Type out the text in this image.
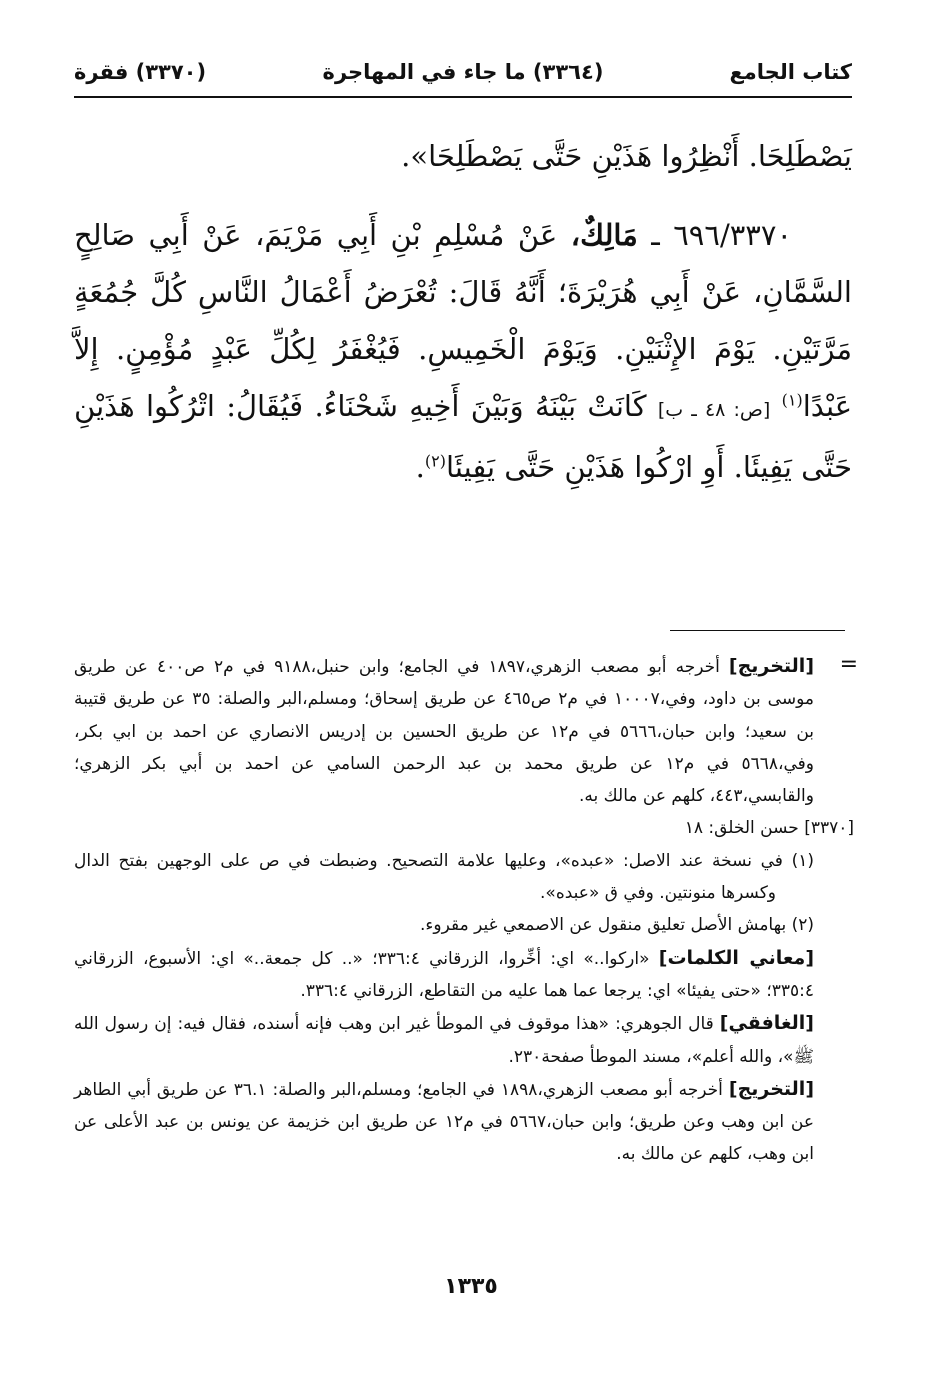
كتاب الجامع
(٣٣٦٤) ما جاء في المهاجرة
(٣٣٧٠) فقرة

يَصْطَلِحَا. أَنْظِرُوا هَذَيْنِ حَتَّى يَصْطَلِحَا».

٦٩٦/٣٣٧٠ ـ مَالِكٌ، عَنْ مُسْلِمِ بْنِ أَبِي مَرْيَمَ، عَنْ أَبِي صَالِحٍ السَّمَّانِ، عَنْ أَبِي هُرَيْرَةَ؛ أَنَّهُ قَالَ: تُعْرَضُ أَعْمَالُ النَّاسِ كُلَّ جُمُعَةٍ مَرَّتَيْنِ. يَوْمَ الإِثْنَيْنِ. وَيَوْمَ الْخَمِيسِ. فَيُغْفَرُ لِكُلِّ عَبْدٍ مُؤْمِنٍ. إِلاَّ عَبْدًا$^{(١)}$ [ص: ٤٨ ـ ب] كَانَتْ بَيْنَهُ وَبَيْنَ أَخِيهِ شَحْنَاءُ. فَيُقَالُ: اتْرُكُوا هَذَيْنِ حَتَّى يَفِيئَا. أَوِ ارْكُوا هَذَيْنِ حَتَّى يَفِيئَا$^{(٢)}$.

=

[التخريج] أخرجه أبو مصعب الزهري،١٨٩٧ في الجامع؛ وابن حنبل،٩١٨٨ في م٢ ص٤٠٠ عن طريق موسى بن داود، وفي،١٠٠٠٧ في م٢ ص٤٦٥ عن طريق إسحاق؛ ومسلم،البر والصلة: ٣٥ عن طريق قتيبة بن سعيد؛ وابن حبان،٥٦٦٦ في م١٢ عن طريق الحسين بن إدريس الانصاري عن احمد بن ابي بكر، وفي،٥٦٦٨ في م١٢ عن طريق محمد بن عبد الرحمن السامي عن احمد بن أبي بكر الزهري؛ والقابسي،٤٤٣، كلهم عن مالك به.

[٣٣٧٠] حسن الخلق: ١٨

(١) في نسخة عند الاصل: «عبده»، وعليها علامة التصحيح. وضبطت في ص على الوجهين بفتح الدال وكسرها منونتين. وفي ق «عبده».

(٢) بهامش الأصل تعليق منقول عن الاصمعي غير مقروء.

[معاني الكلمات] «اركوا..» اي: أخِّروا، الزرقاني ٣٣٦:٤؛ «.. كل جمعة..» اي: الأسبوع، الزرقاني ٣٣٥:٤؛ «حتى يفيئا» اي: يرجعا عما هما عليه من التقاطع، الزرقاني ٣٣٦:٤.

[الغافقي] قال الجوهري: «هذا موقوف في الموطأ غير ابن وهب فإنه أسنده، فقال فيه: إن رسول الله ﷺ»، والله أعلم»، مسند الموطأ صفحة٢٣٠.

[التخريج] أخرجه أبو مصعب الزهري،١٨٩٨ في الجامع؛ ومسلم،البر والصلة: ٣٦.١ عن طريق أبي الطاهر عن ابن وهب وعن طريق؛ وابن حبان،٥٦٦٧ في م١٢ عن طريق ابن خزيمة عن يونس بن عبد الأعلى عن ابن وهب، كلهم عن مالك به.

١٣٣٥
